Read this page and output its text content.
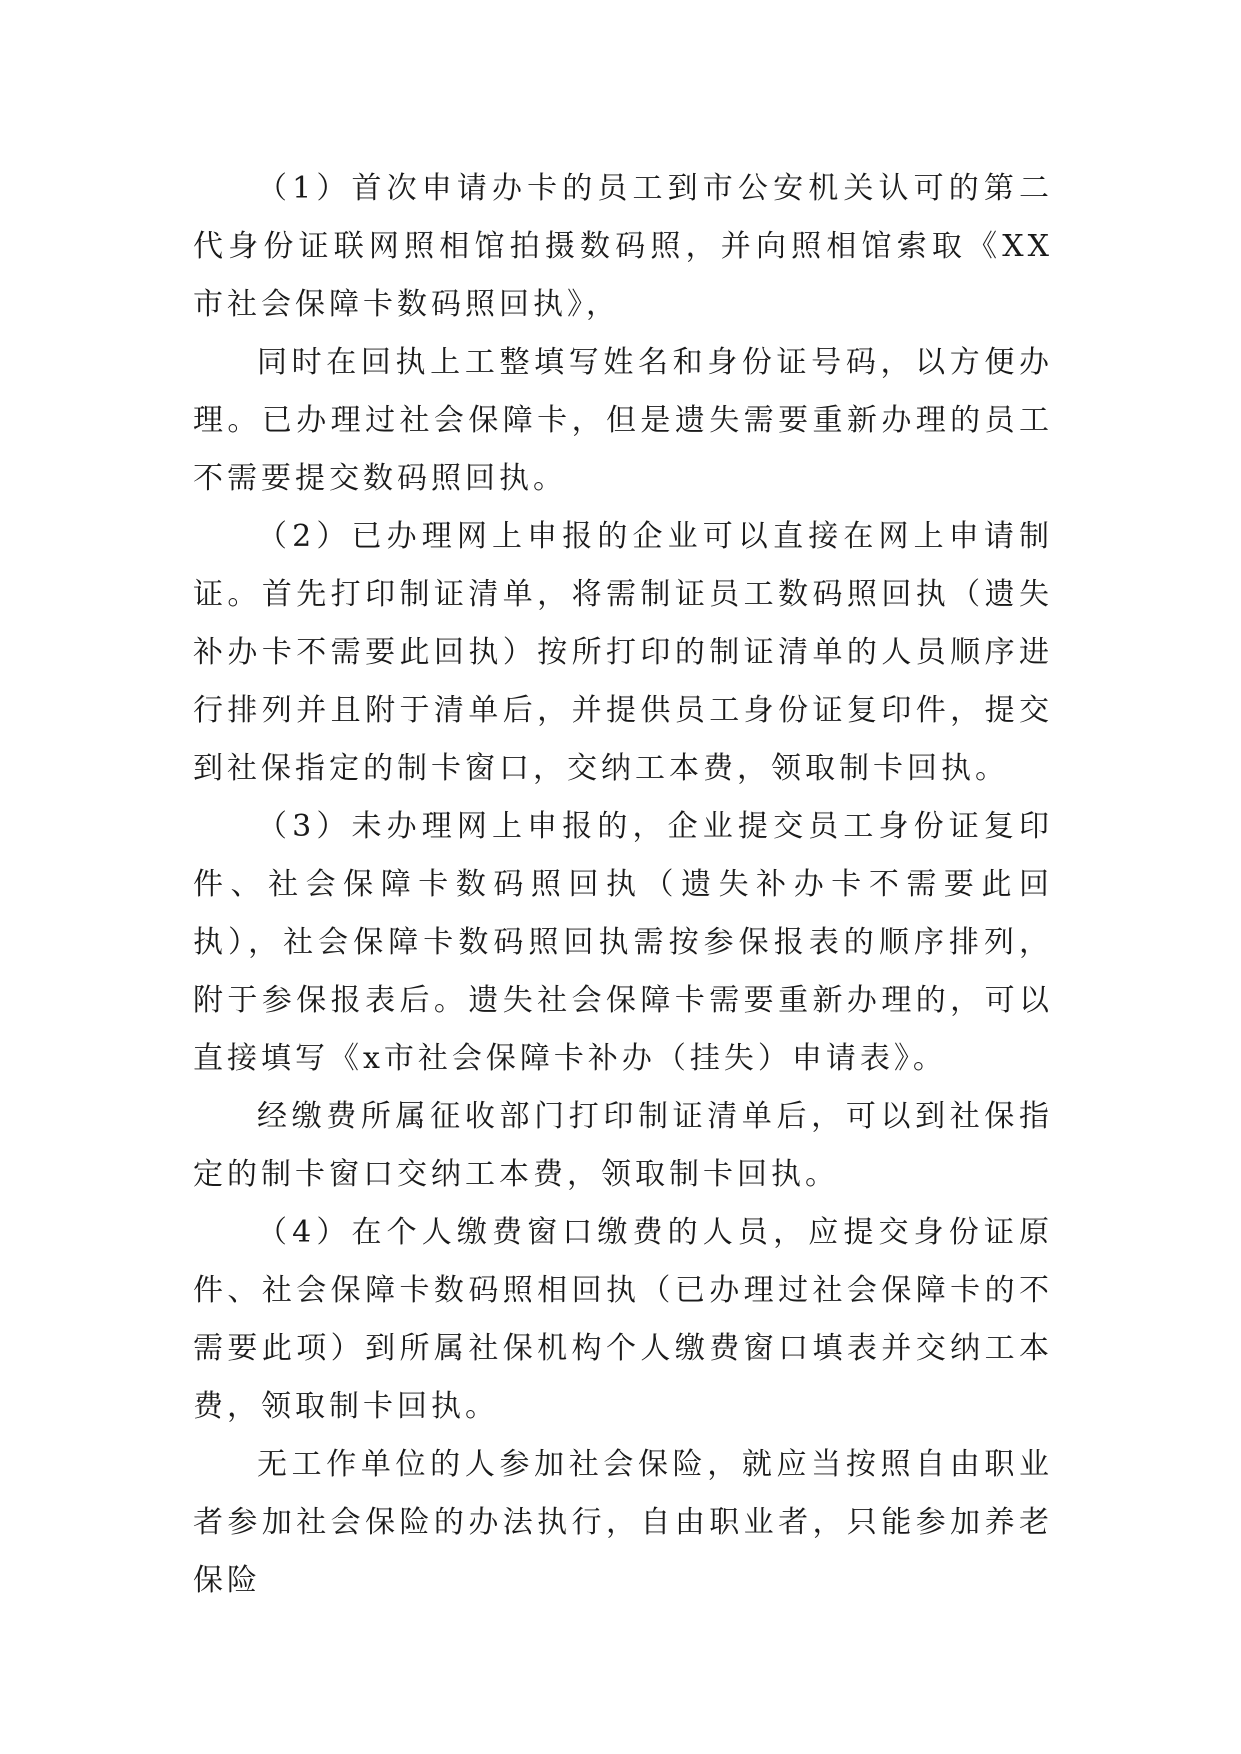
（1）首次申请办卡的员工到市公安机关认可的第二代身份证联网照相馆拍摄数码照，并向照相馆索取《XX市社会保障卡数码照回执》，

同时在回执上工整填写姓名和身份证号码，以方便办理。已办理过社会保障卡，但是遗失需要重新办理的员工不需要提交数码照回执。

（2）已办理网上申报的企业可以直接在网上申请制证。首先打印制证清单，将需制证员工数码照回执（遗失补办卡不需要此回执）按所打印的制证清单的人员顺序进行排列并且附于清单后，并提供员工身份证复印件，提交到社保指定的制卡窗口，交纳工本费，领取制卡回执。

（3）未办理网上申报的，企业提交员工身份证复印件、社会保障卡数码照回执（遗失补办卡不需要此回执），社会保障卡数码照回执需按参保报表的顺序排列，附于参保报表后。遗失社会保障卡需要重新办理的，可以直接填写《x市社会保障卡补办（挂失）申请表》。

经缴费所属征收部门打印制证清单后，可以到社保指定的制卡窗口交纳工本费，领取制卡回执。

（4）在个人缴费窗口缴费的人员，应提交身份证原件、社会保障卡数码照相回执（已办理过社会保障卡的不需要此项）到所属社保机构个人缴费窗口填表并交纳工本费，领取制卡回执。

无工作单位的人参加社会保险，就应当按照自由职业者参加社会保险的办法执行，自由职业者，只能参加养老保险
